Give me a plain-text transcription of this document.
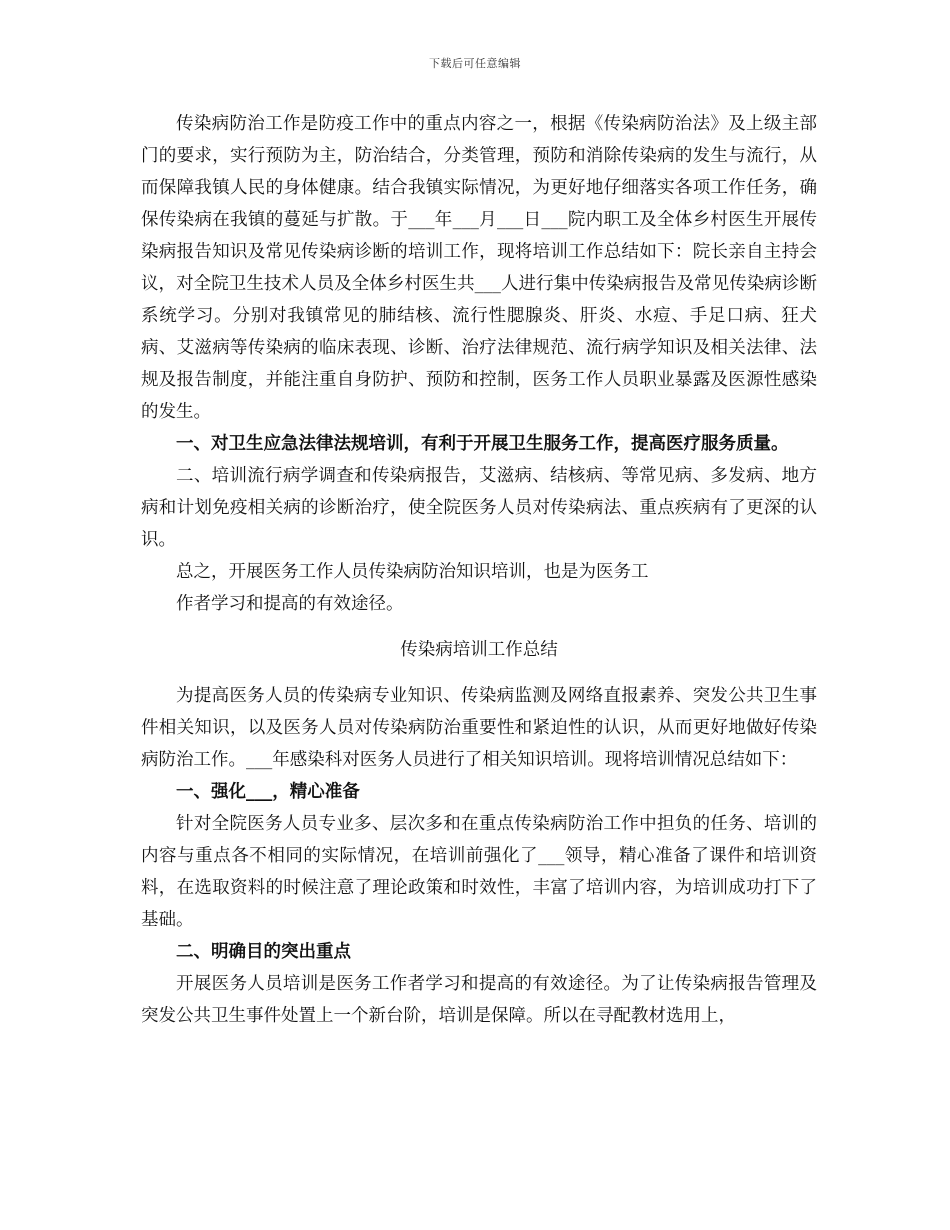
下载后可任意编辑

传染病防治工作是防疫工作中的重点内容之一，根据《传染病防治法》及上级主部门的要求，实行预防为主，防治结合，分类管理，预防和消除传染病的发生与流行，从而保障我镇人民的身体健康。结合我镇实际情况，为更好地仔细落实各项工作任务，确保传染病在我镇的蔓延与扩散。于___年___月___日___院内职工及全体乡村医生开展传染病报告知识及常见传染病诊断的培训工作，现将培训工作总结如下：院长亲自主持会议，对全院卫生技术人员及全体乡村医生共___人进行集中传染病报告及常见传染病诊断系统学习。分别对我镇常见的肺结核、流行性腮腺炎、肝炎、水痘、手足口病、狂犬病、艾滋病等传染病的临床表现、诊断、治疗法律规范、流行病学知识及相关法律、法规及报告制度，并能注重自身防护、预防和控制，医务工作人员职业暴露及医源性感染的发生。

一、对卫生应急法律法规培训，有利于开展卫生服务工作，提高医疗服务质量。

二、培训流行病学调查和传染病报告，艾滋病、结核病、等常见病、多发病、地方病和计划免疫相关病的诊断治疗，使全院医务人员对传染病法、重点疾病有了更深的认识。

总之，开展医务工作人员传染病防治知识培训，也是为医务工

作者学习和提高的有效途径。

传染病培训工作总结

为提高医务人员的传染病专业知识、传染病监测及网络直报素养、突发公共卫生事件相关知识，以及医务人员对传染病防治重要性和紧迫性的认识，从而更好地做好传染病防治工作。___年感染科对医务人员进行了相关知识培训。现将培训情况总结如下：

一、强化___，精心准备

针对全院医务人员专业多、层次多和在重点传染病防治工作中担负的任务、培训的内容与重点各不相同的实际情况，在培训前强化了___领导，精心准备了课件和培训资料，在选取资料的时候注意了理论政策和时效性，丰富了培训内容，为培训成功打下了基础。

二、明确目的突出重点

开展医务人员培训是医务工作者学习和提高的有效途径。为了让传染病报告管理及突发公共卫生事件处置上一个新台阶，培训是保障。所以在寻配教材选用上，
